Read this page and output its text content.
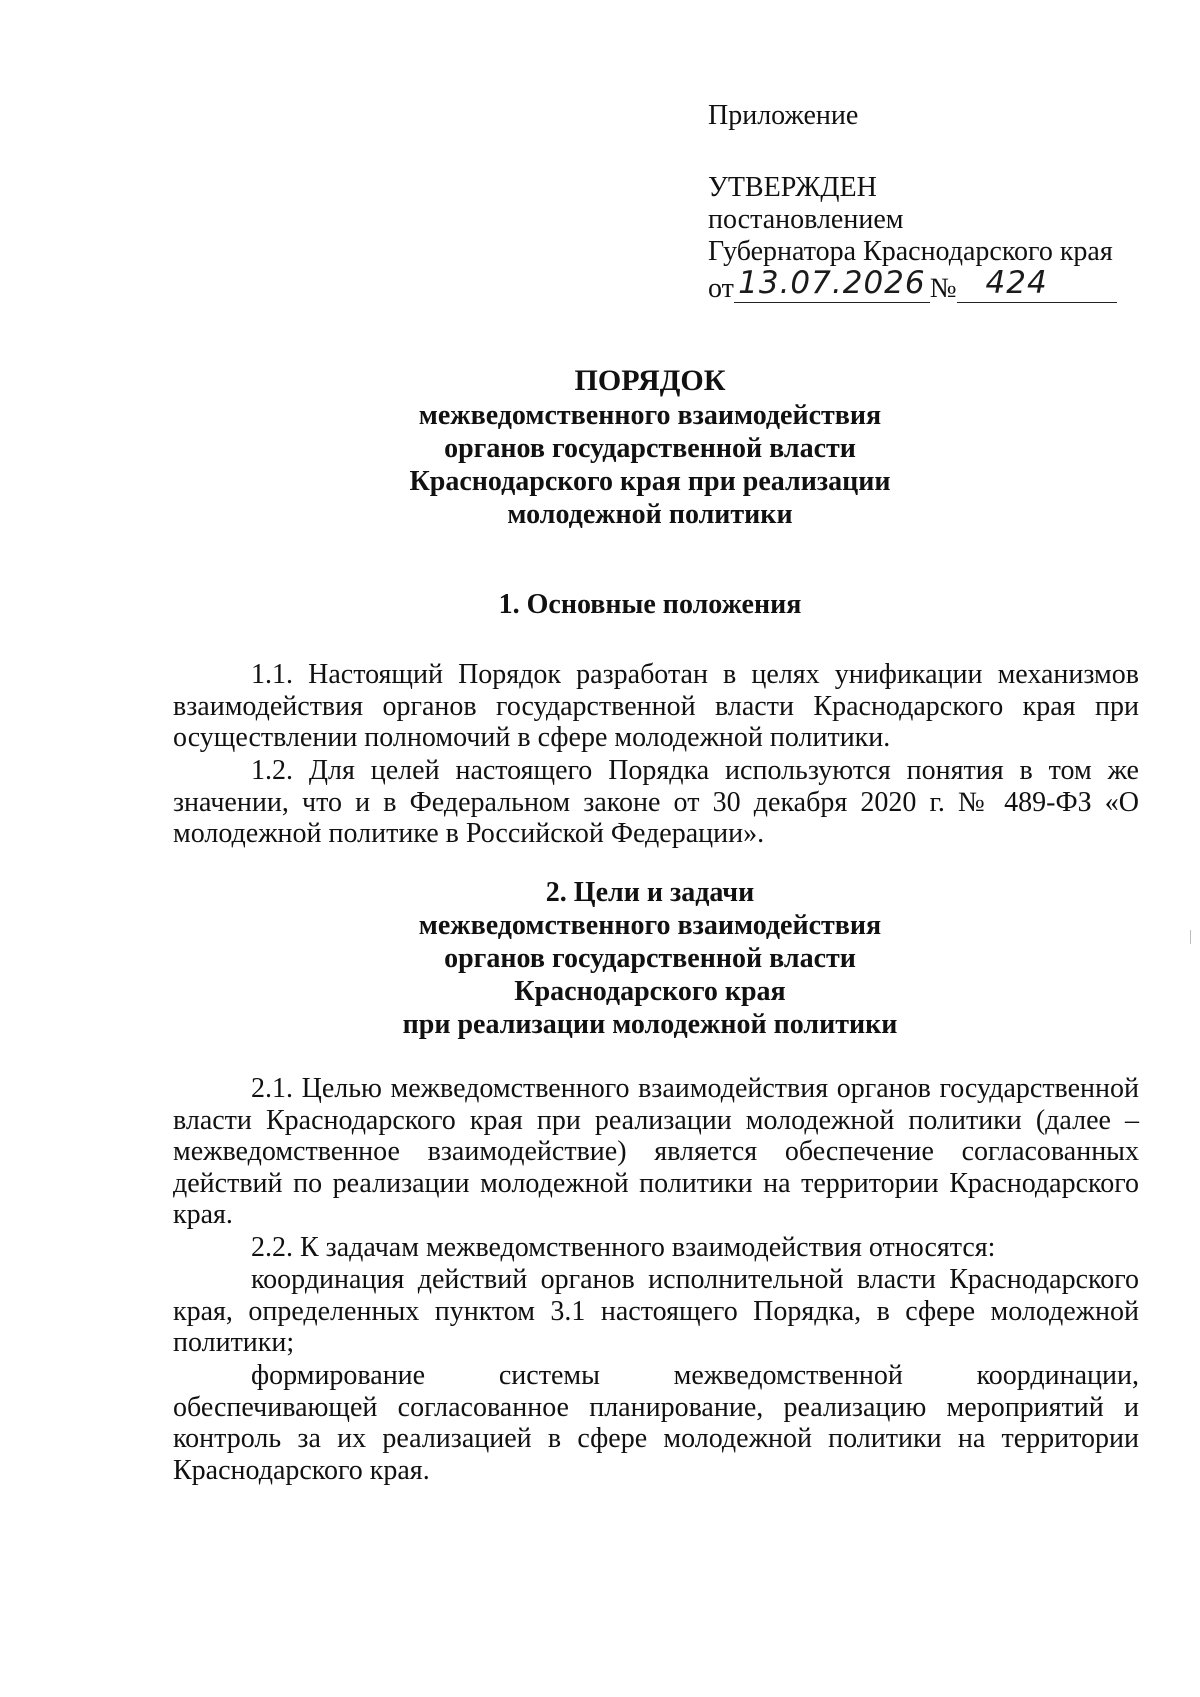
Приложение
УТВЕРЖДЕН
постановлением
Губернатора Краснодарского края
от 13.07.2026 № 424
ПОРЯДОК
межведомственного взаимодействия
органов государственной власти
Краснодарского края при реализации
молодежной политики
1. Основные положения

1.1. Настоящий Порядок разработан в целях унификации механизмов взаимодействия органов государственной власти Краснодарского края при осуществлении полномочий в сфере молодежной политики.

1.2. Для целей настоящего Порядка используются понятия в том же значении, что и в Федеральном законе от 30 декабря 2020 г. № 489-ФЗ «О молодежной политике в Российской Федерации».

2. Цели и задачи
межведомственного взаимодействия
органов государственной власти
Краснодарского края
при реализации молодежной политики

2.1. Целью межведомственного взаимодействия органов государственной власти Краснодарского края при реализации молодежной политики (далее – межведомственное взаимодействие) является обеспечение согласованных действий по реализации молодежной политики на территории Краснодарского края.

2.2. К задачам межведомственного взаимодействия относятся:

координация действий органов исполнительной власти Краснодарского края, определенных пунктом 3.1 настоящего Порядка, в сфере молодежной политики;

формирование системы межведомственной координации, обеспечивающей согласованное планирование, реализацию мероприятий и контроль за их реализацией в сфере молодежной политики на территории Краснодарского края.
